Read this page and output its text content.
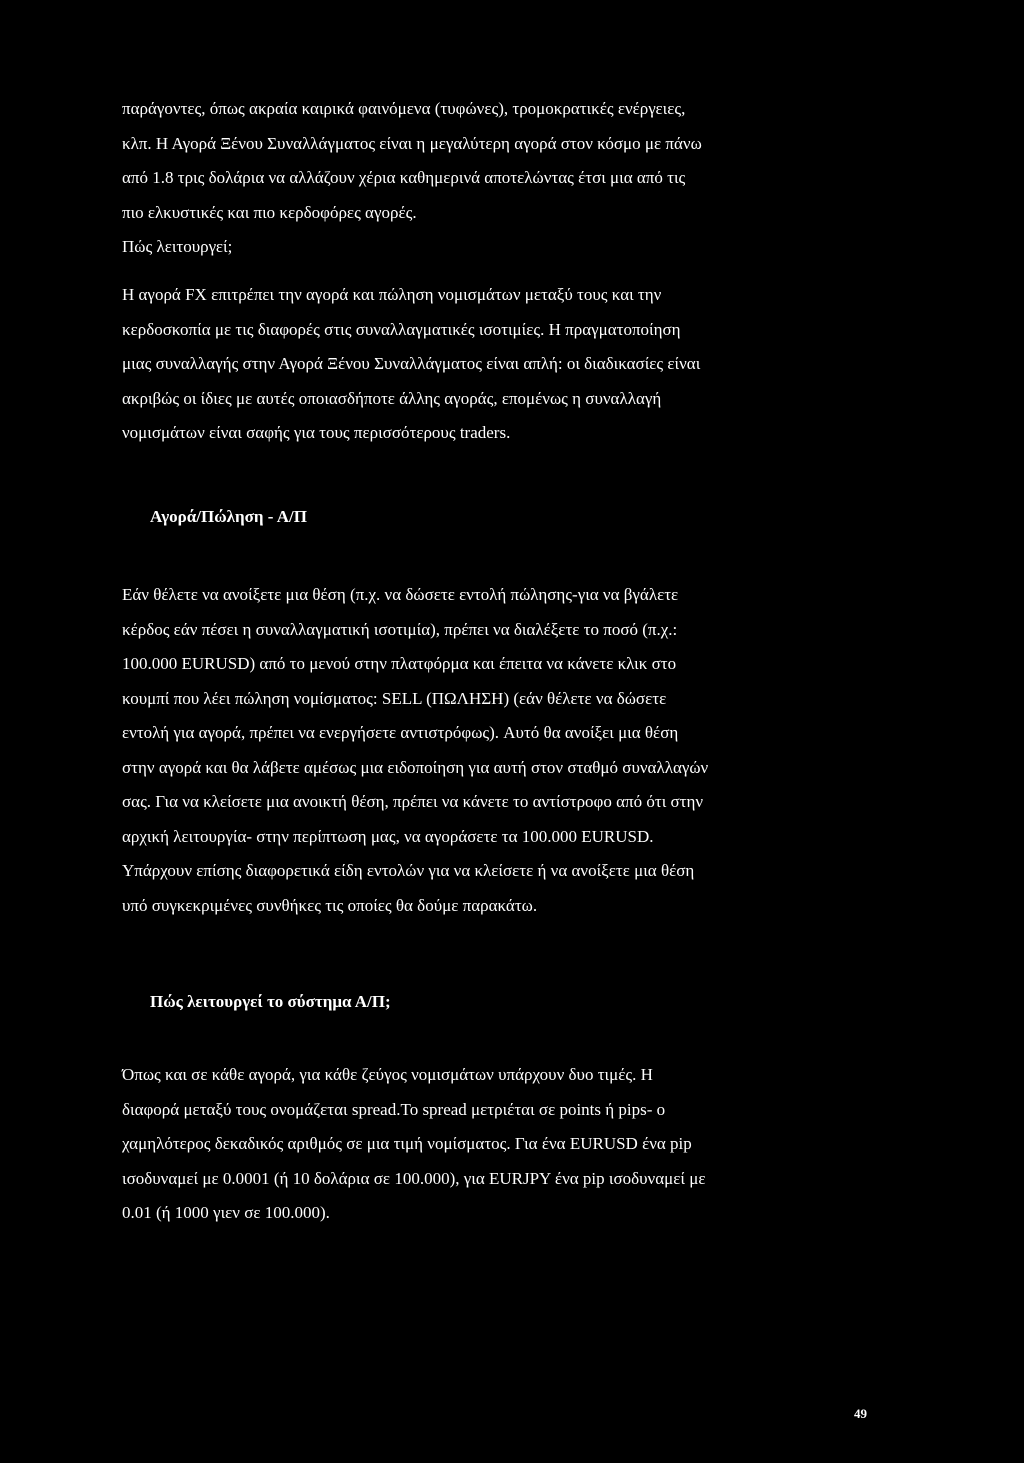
παράγοντες, όπως ακραία καιρικά φαινόμενα (τυφώνες), τρομοκρατικές ενέργειες,
κλπ. Η Αγορά Ξένου Συναλλάγματος είναι η μεγαλύτερη αγορά στον κόσμο με πάνω
από 1.8 τρις δολάρια να αλλάζουν χέρια καθημερινά αποτελώντας έτσι μια από τις
πιο ελκυστικές και πιο κερδοφόρες αγορές.
Πώς λειτουργεί;
Η αγορά FX επιτρέπει την αγορά και πώληση νομισμάτων μεταξύ τους και την
κερδοσκοπία με τις διαφορές στις συναλλαγματικές ισοτιμίες. Η πραγματοποίηση
μιας συναλλαγής στην Αγορά Ξένου Συναλλάγματος είναι απλή: οι διαδικασίες είναι
ακριβώς οι ίδιες με αυτές οποιασδήποτε άλλης αγοράς, επομένως η συναλλαγή
νομισμάτων είναι σαφής για τους περισσότερους traders.
Αγορά/Πώληση - Α/Π
Εάν θέλετε να ανοίξετε μια θέση (π.χ. να δώσετε εντολή πώλησης-για να βγάλετε
κέρδος εάν πέσει η συναλλαγματική ισοτιμία), πρέπει να διαλέξετε το ποσό (π.χ.:
100.000 EURUSD) από το μενού στην πλατφόρμα και έπειτα να κάνετε κλικ στο
κουμπί που λέει πώληση νομίσματος: SELL (ΠΩΛΗΣΗ) (εάν θέλετε να δώσετε
εντολή για αγορά, πρέπει να ενεργήσετε αντιστρόφως). Αυτό θα ανοίξει μια θέση
στην αγορά και θα λάβετε αμέσως μια ειδοποίηση για αυτή στον σταθμό συναλλαγών
σας. Για να κλείσετε μια ανοικτή θέση, πρέπει να κάνετε το αντίστροφο από ότι στην
αρχική λειτουργία- στην περίπτωση μας, να αγοράσετε τα 100.000 EURUSD.
Υπάρχουν επίσης διαφορετικά είδη εντολών για να κλείσετε ή να ανοίξετε μια θέση
υπό συγκεκριμένες συνθήκες τις οποίες θα δούμε παρακάτω.
Πώς λειτουργεί το σύστημα Α/Π;
Όπως και σε κάθε αγορά, για κάθε ζεύγος νομισμάτων υπάρχουν δυο τιμές. Η
διαφορά μεταξύ τους ονομάζεται spread.Το spread μετριέται σε points ή pips- ο
χαμηλότερος δεκαδικός αριθμός σε μια τιμή νομίσματος. Για ένα EURUSD ένα pip
ισοδυναμεί με 0.0001 (ή 10 δολάρια σε 100.000), για EURJPY ένα pip ισοδυναμεί με
0.01 (ή 1000 γιεν σε 100.000).
49
